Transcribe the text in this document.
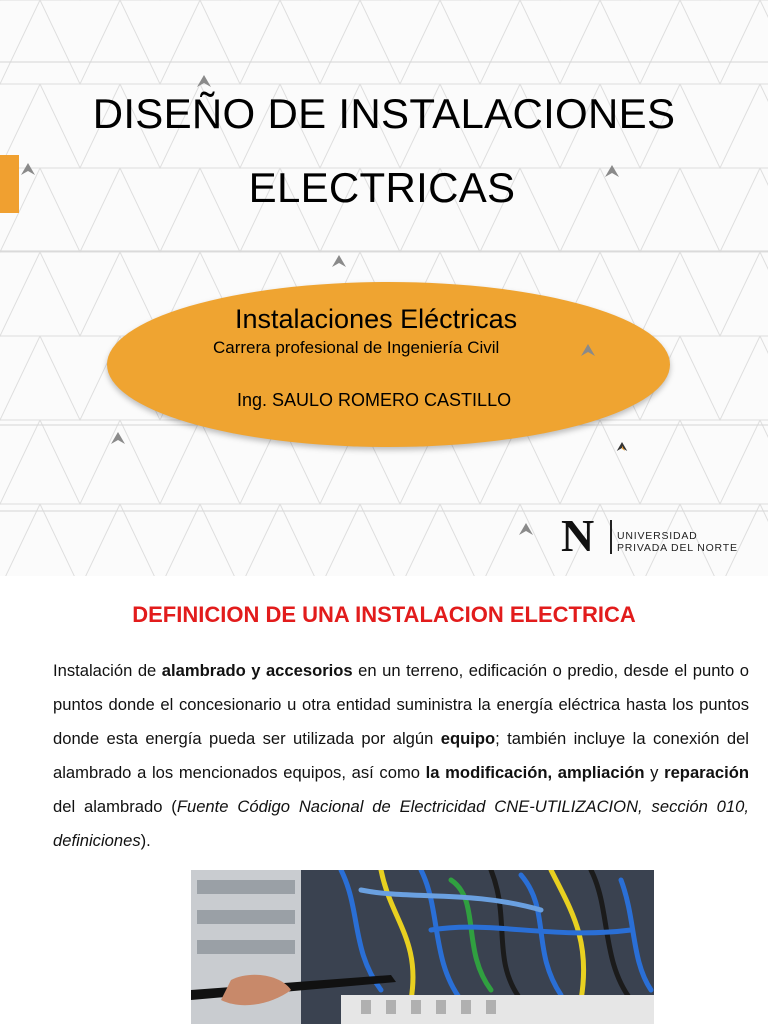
DISEÑO DE INSTALACIONES
ELECTRICAS
Instalaciones Eléctricas
Carrera profesional de Ingeniería Civil
Ing. SAULO ROMERO CASTILLO
N UNIVERSIDAD
PRIVADA DEL NORTE
DEFINICION DE UNA INSTALACION ELECTRICA

Instalación de alambrado y accesorios en un terreno, edificación o predio, desde el punto o puntos donde el concesionario u otra entidad suministra la energía eléctrica hasta los puntos donde esta energía pueda ser utilizada por algún equipo; también incluye la conexión del alambrado a los mencionados equipos, así como la modificación, ampliación y reparación del alambrado (Fuente Código Nacional de Electricidad CNE-UTILIZACION, sección 010, definiciones).
